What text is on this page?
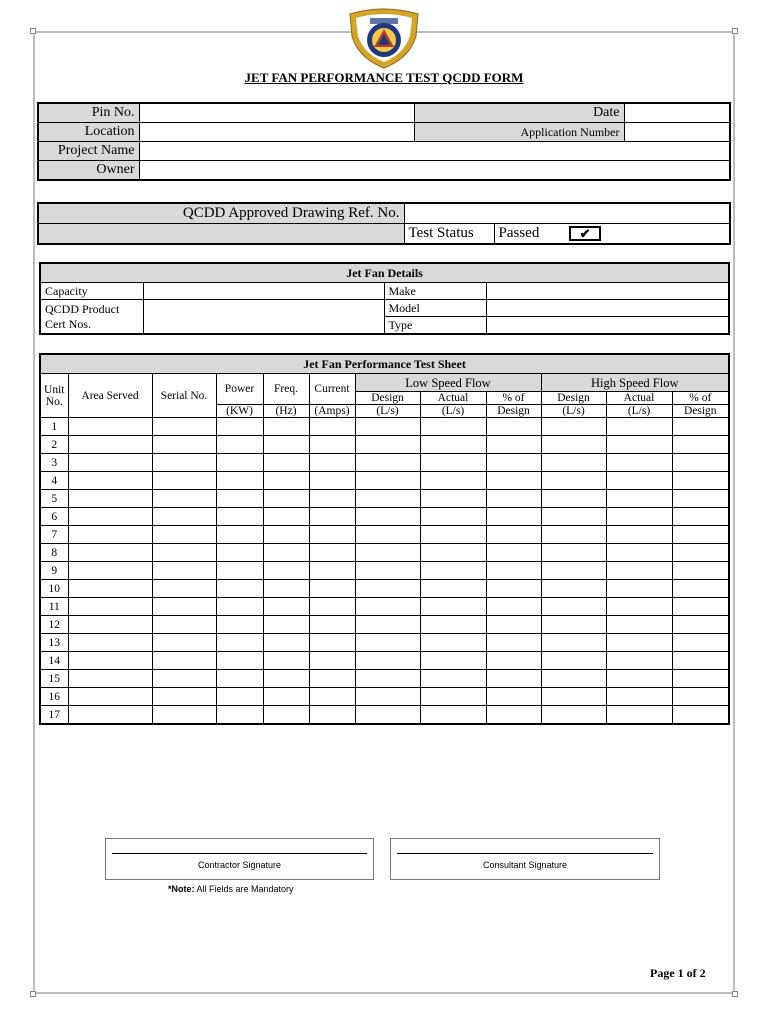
JET FAN PERFORMANCE TEST QCDD FORM
Pin No.		Date	
Location		Application Number	
Project Name			
Owner			
QCDD Approved Drawing Ref. No.		
	Test Status	Passed ✔
Jet Fan Details			
Capacity		Make	
QCDD Product
Cert Nos.		Model	
		Type	
Jet Fan Performance Test Sheet											
Unit
No.	Area Served	Serial No.	Power	Freq.	Current	Low Speed Flow			High Speed Flow		
						Design	Actual	% of	Design	Actual	% of
			(KW)	(Hz)	(Amps)	(L/s)	(L/s)	Design	(L/s)	(L/s)	Design
1											
2											
3											
4											
5											
6											
7											
8											
9											
10											
11											
12											
13											
14											
15											
16											
17											
Contractor Signature	Consultant Signature
*Note: All Fields are Mandatory
Page 1 of 2
